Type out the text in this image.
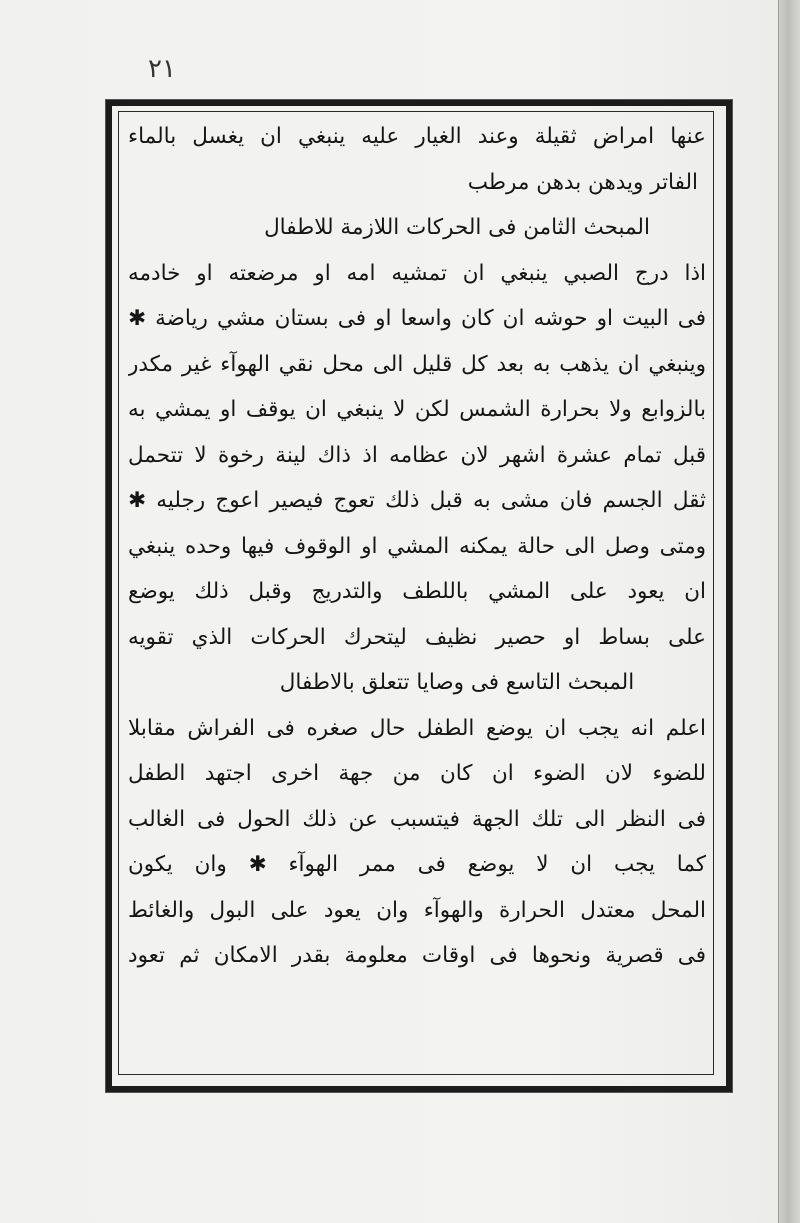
٢١
عنها امراض ثقيلة وعند الغيار عليه ينبغي ان يغسل بالماء
الفاتر ويدهن بدهن مرطب
المبحث الثامن فى الحركات اللازمة للاطفال
اذا درج الصبي ينبغي ان تمشيه امه او مرضعته او خادمه
فى البيت او حوشه ان كان واسعا او فى بستان مشي رياضة ✱
وينبغي ان يذهب به بعد كل قليل الى محل نقي الهوآء غير مكدر
بالزوابع ولا بحرارة الشمس لكن لا ينبغي ان يوقف او يمشي به
قبل تمام عشرة اشهر لان عظامه اذ ذاك لينة رخوة لا تتحمل
ثقل الجسم فان مشى به قبل ذلك تعوج فيصير اعوج رجليه ✱
ومتى وصل الى حالة يمكنه المشي او الوقوف فيها وحده ينبغي
ان يعود على المشي باللطف والتدريج وقبل ذلك يوضع
على بساط او حصير نظيف ليتحرك الحركات الذي تقويه
المبحث التاسع فى وصايا تتعلق بالاطفال
اعلم انه يجب ان يوضع الطفل حال صغره فى الفراش مقابلا
للضوء لان الضوء ان كان من جهة اخرى اجتهد الطفل
فى النظر الى تلك الجهة فيتسبب عن ذلك الحول فى الغالب
كما يجب ان لا يوضع فى ممر الهوآء ✱ وان يكون
المحل معتدل الحرارة والهوآء وان يعود على البول والغائط
فى قصرية ونحوها فى اوقات معلومة بقدر الامكان ثم تعود
